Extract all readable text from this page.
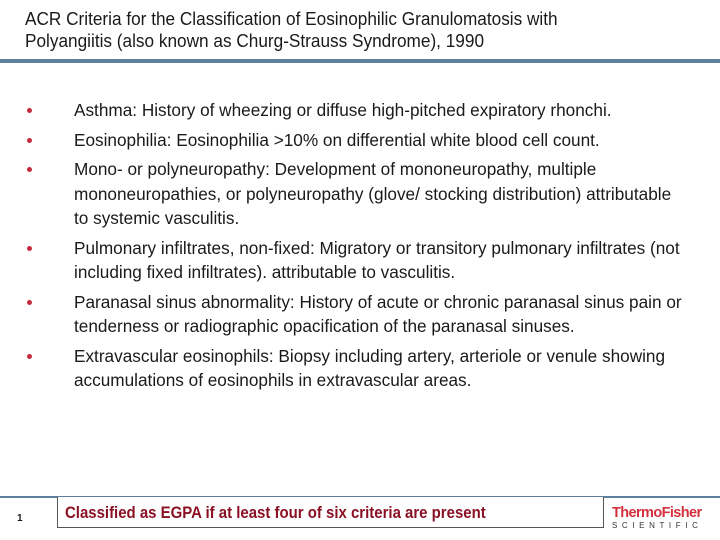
ACR Criteria for the Classification of Eosinophilic Granulomatosis with
Polyangiitis (also known as Churg-Strauss Syndrome), 1990
Asthma: History of wheezing or diffuse high-pitched expiratory rhonchi.
Eosinophilia: Eosinophilia >10% on differential white blood cell count.
Mono- or polyneuropathy: Development of mononeuropathy, multiple mononeuropathies, or polyneuropathy (glove/ stocking distribution) attributable to systemic vasculitis.
Pulmonary infiltrates, non-fixed: Migratory or transitory pulmonary infiltrates (not including fixed infiltrates). attributable to vasculitis.
Paranasal sinus abnormality: History of acute or chronic paranasal sinus pain or tenderness or radiographic opacification of the paranasal sinuses.
Extravascular eosinophils: Biopsy including artery, arteriole or venule showing accumulations of eosinophils in extravascular areas.
1 Classified as EGPA if at least four of six criteria are present	ThermoFisher
SCIENTIFIC
